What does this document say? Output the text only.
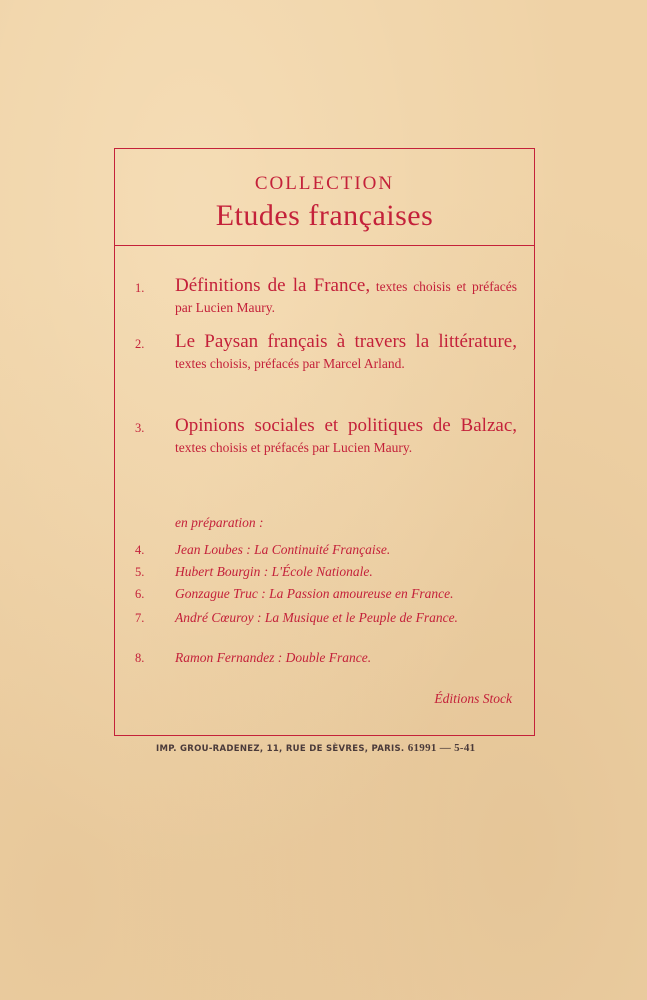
COLLECTION
Etudes françaises
1.	Définitions de la France, textes choisis et préfacés par Lucien Maury.
2.	Le Paysan français à travers la littérature, textes choisis, préfacés par Marcel Arland.
3.	Opinions sociales et politiques de Balzac, textes choisis et préfacés par Lucien Maury.
en préparation :
4. Jean Loubes : La Continuité Française.
5. Hubert Bourgin : L'École Nationale.
6. Gonzague Truc : La Passion amoureuse en France.
7. André Cœuroy : La Musique et le Peuple de France.
8. Ramon Fernandez : Double France.
Éditions Stock
IMP. GROU-RADENEZ, 11, RUE DE SÈVRES, PARIS. 61991 — 5-41
